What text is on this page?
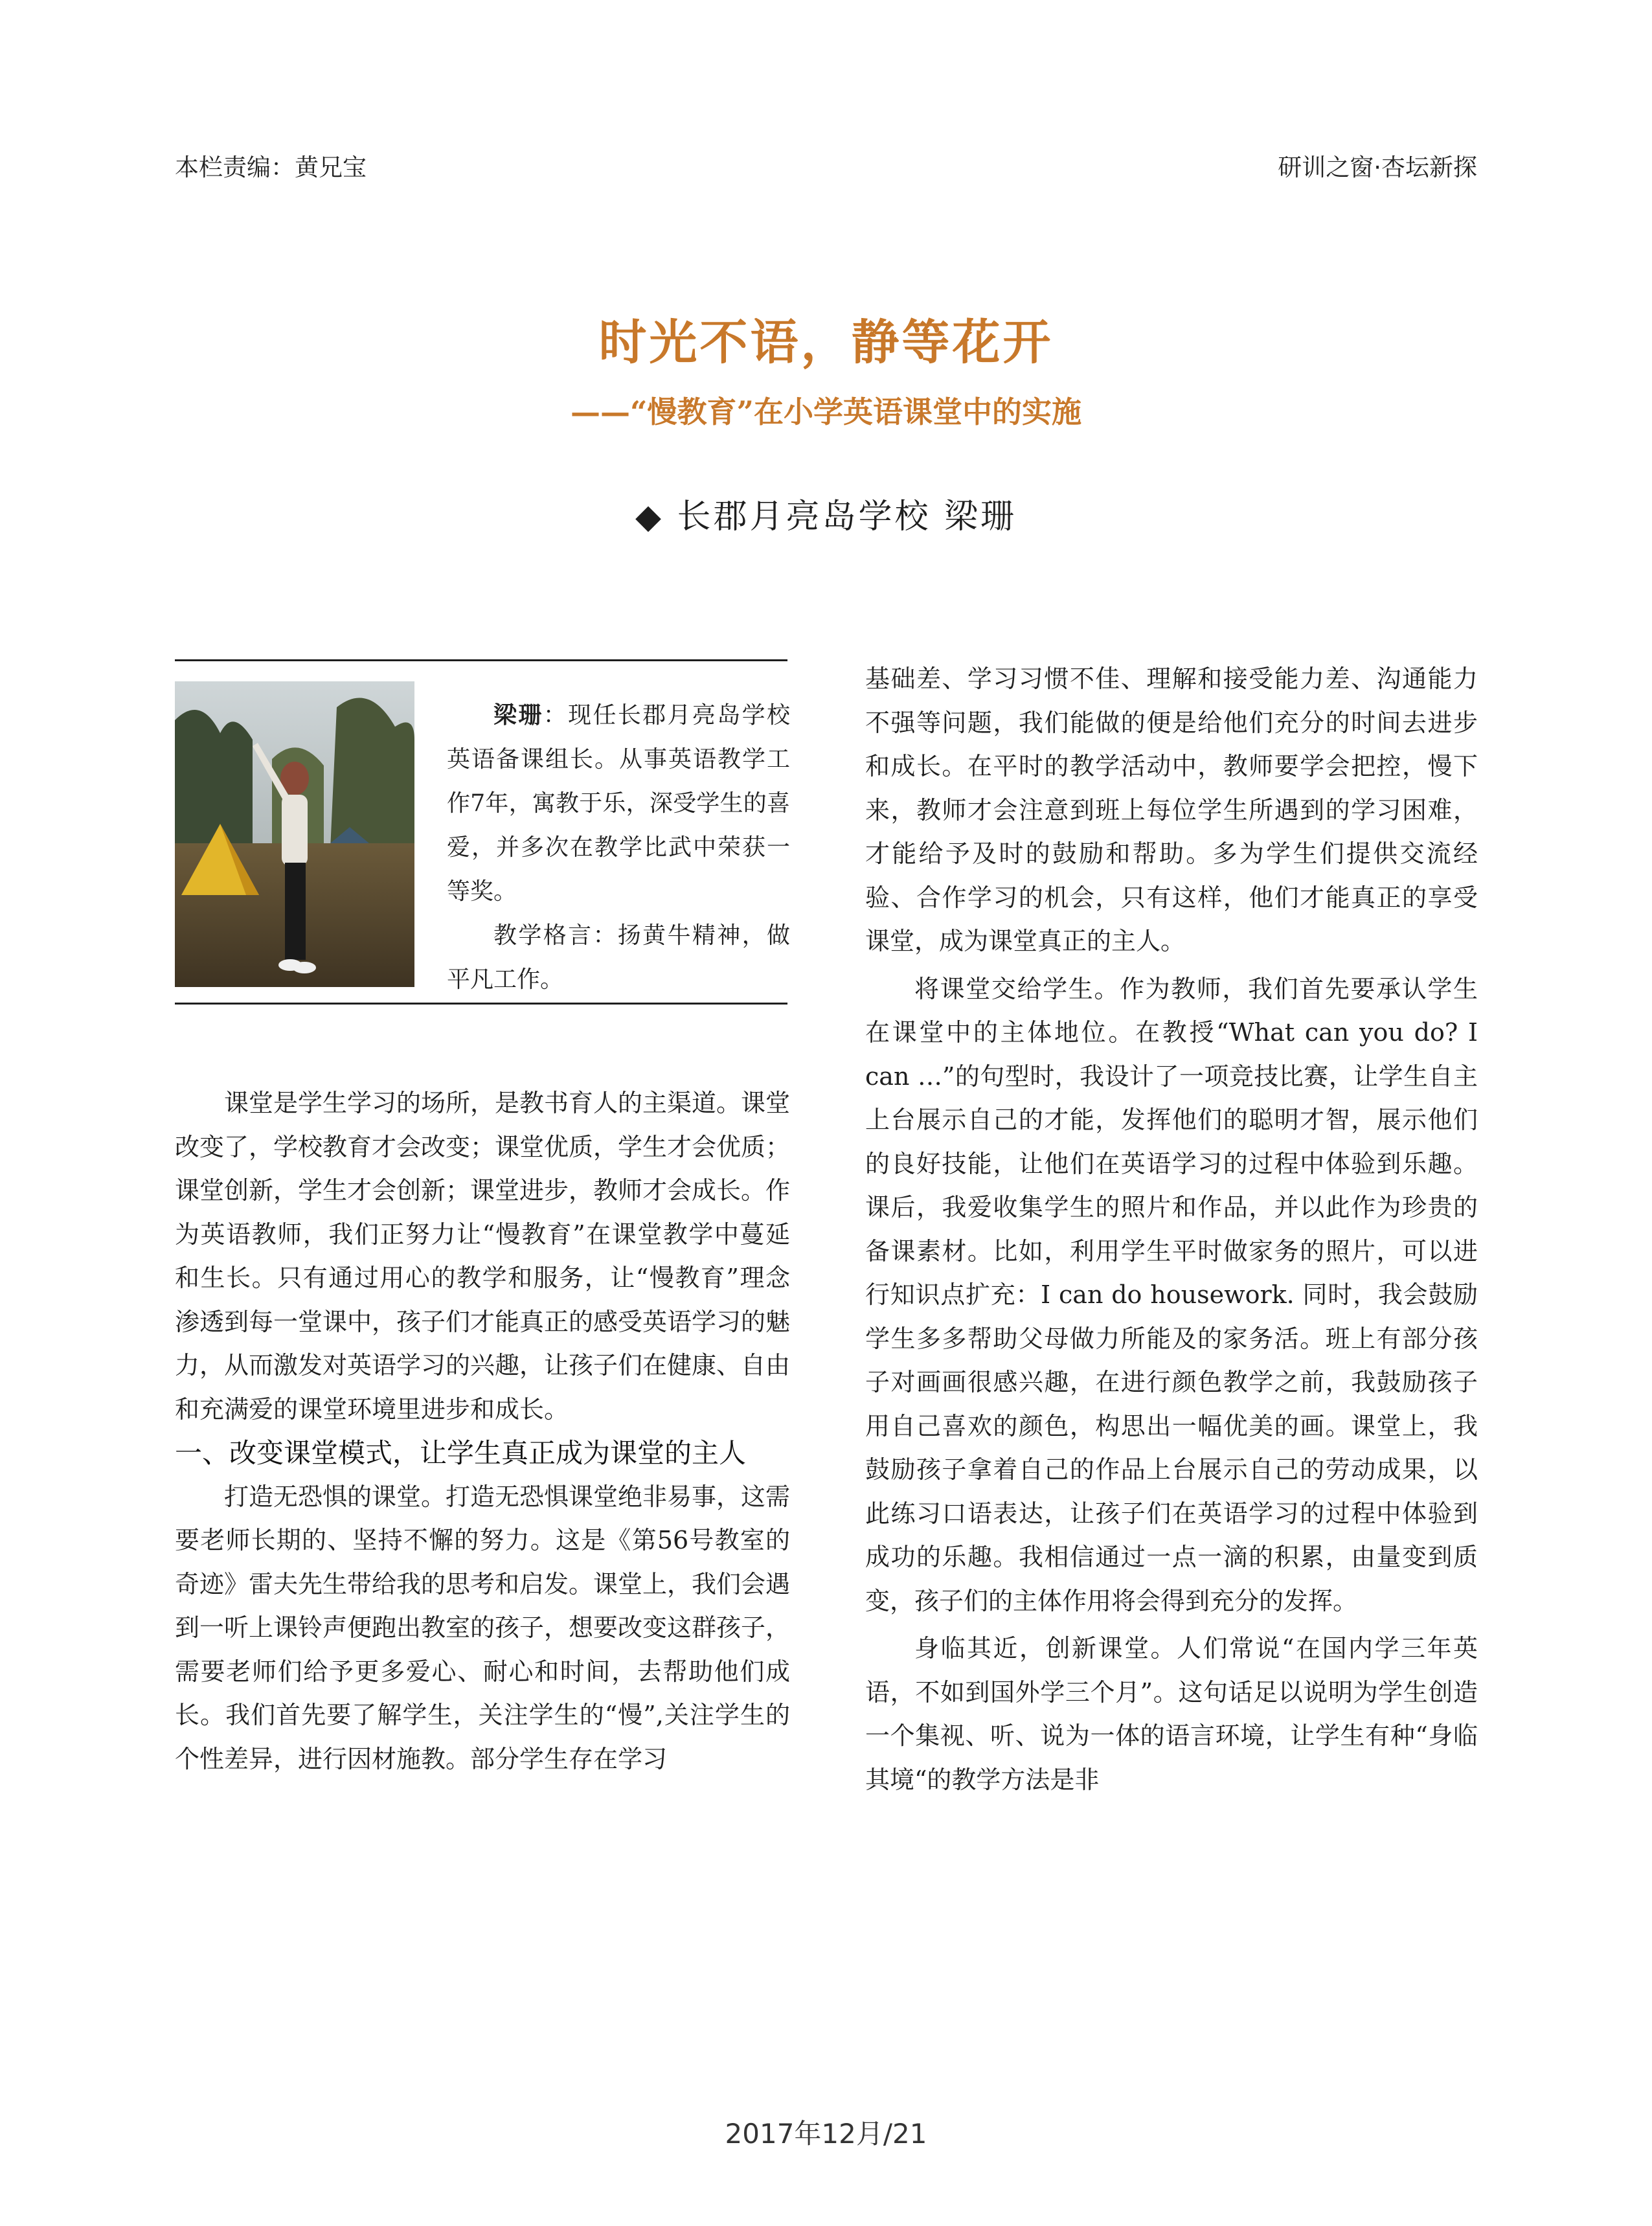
本栏责编：黄兄宝	研训之窗·杏坛新探
时光不语，静等花开
——“慢教育”在小学英语课堂中的实施
◆ 长郡月亮岛学校 梁珊

梁珊：现任长郡月亮岛学校英语备课组长。从事英语教学工作7年，寓教于乐，深受学生的喜爱，并多次在教学比武中荣获一等奖。

教学格言：扬黄牛精神，做平凡工作。

课堂是学生学习的场所，是教书育人的主渠道。课堂改变了，学校教育才会改变；课堂优质，学生才会优质；课堂创新，学生才会创新；课堂进步，教师才会成长。作为英语教师，我们正努力让“慢教育”在课堂教学中蔓延和生长。只有通过用心的教学和服务，让“慢教育”理念渗透到每一堂课中，孩子们才能真正的感受英语学习的魅力，从而激发对英语学习的兴趣，让孩子们在健康、自由和充满爱的课堂环境里进步和成长。

一、改变课堂模式，让学生真正成为课堂的主人

打造无恐惧的课堂。打造无恐惧课堂绝非易事，这需要老师长期的、坚持不懈的努力。这是《第56号教室的奇迹》雷夫先生带给我的思考和启发。课堂上，我们会遇到一听上课铃声便跑出教室的孩子，想要改变这群孩子，需要老师们给予更多爱心、耐心和时间，去帮助他们成长。我们首先要了解学生，关注学生的“慢”,关注学生的个性差异，进行因材施教。部分学生存在学习

基础差、学习习惯不佳、理解和接受能力差、沟通能力不强等问题，我们能做的便是给他们充分的时间去进步和成长。在平时的教学活动中，教师要学会把控，慢下来，教师才会注意到班上每位学生所遇到的学习困难，才能给予及时的鼓励和帮助。多为学生们提供交流经验、合作学习的机会，只有这样，他们才能真正的享受课堂，成为课堂真正的主人。

将课堂交给学生。作为教师，我们首先要承认学生在课堂中的主体地位。在教授“What can you do? I can …”的句型时，我设计了一项竞技比赛，让学生自主上台展示自己的才能，发挥他们的聪明才智，展示他们的良好技能，让他们在英语学习的过程中体验到乐趣。课后，我爱收集学生的照片和作品，并以此作为珍贵的备课素材。比如，利用学生平时做家务的照片，可以进行知识点扩充：I can do housework. 同时，我会鼓励学生多多帮助父母做力所能及的家务活。班上有部分孩子对画画很感兴趣，在进行颜色教学之前，我鼓励孩子用自己喜欢的颜色，构思出一幅优美的画。课堂上，我鼓励孩子拿着自己的作品上台展示自己的劳动成果，以此练习口语表达，让孩子们在英语学习的过程中体验到成功的乐趣。我相信通过一点一滴的积累，由量变到质变，孩子们的主体作用将会得到充分的发挥。

身临其近，创新课堂。人们常说“在国内学三年英语，不如到国外学三个月”。这句话足以说明为学生创造一个集视、听、说为一体的语言环境，让学生有种“身临其境“的教学方法是非

2017年12月/21
